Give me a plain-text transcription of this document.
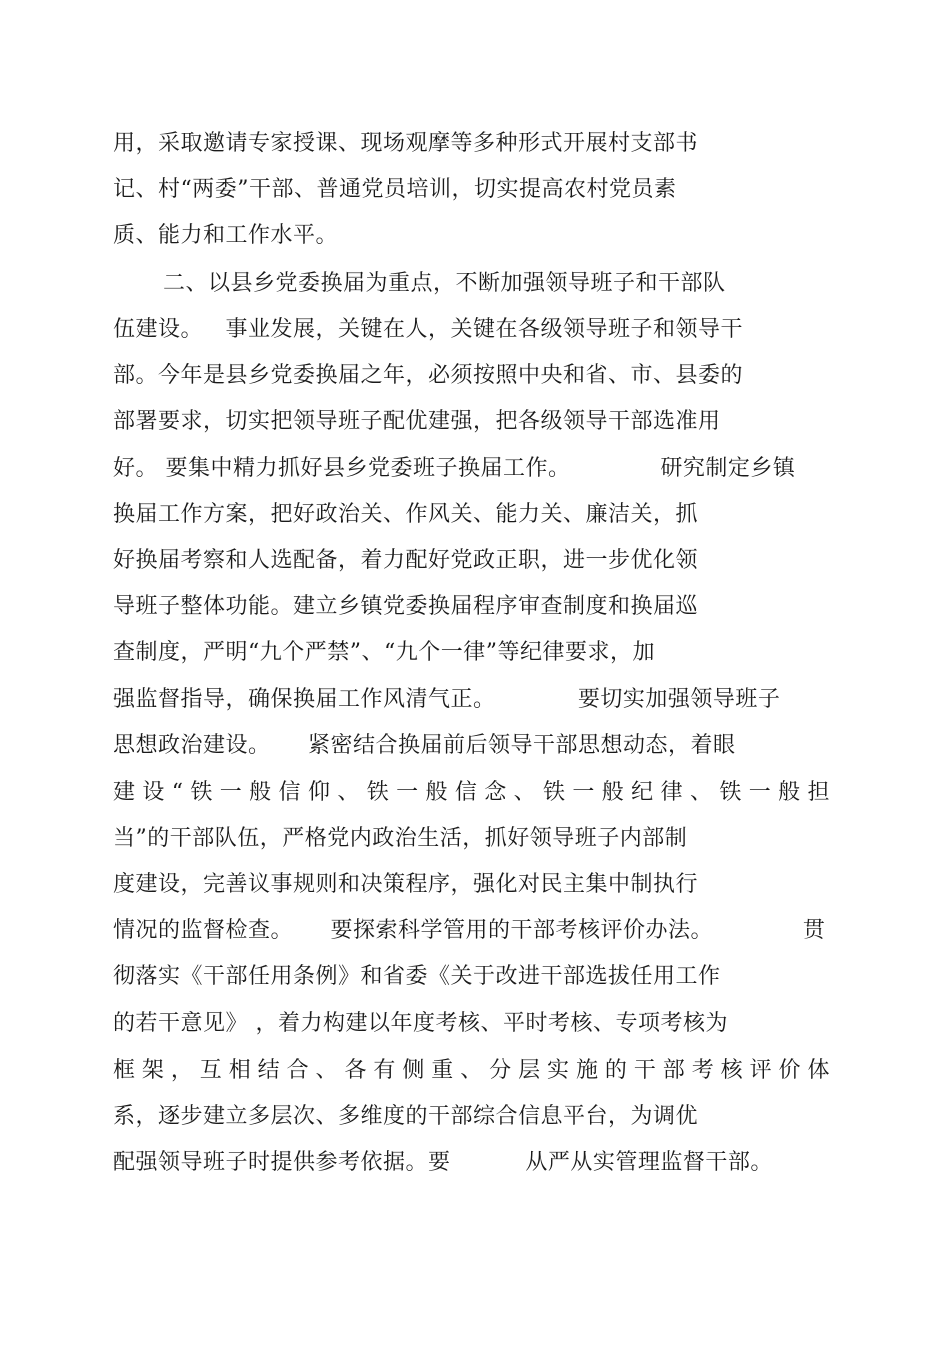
用，采取邀请专家授课、现场观摩等多种形式开展村支部书
记、村“两委”干部、普通党员培训，切实提高农村党员素
质、能力和工作水平。
二、以县乡党委换届为重点，不断加强领导班子和干部队
伍建设。   事业发展，关键在人，关键在各级领导班子和领导干
部。今年是县乡党委换届之年，必须按照中央和省、市、县委的
部署要求，切实把领导班子配优建强，把各级领导干部选准用
好。 要集中精力抓好县乡党委班子换届工作。            研究制定乡镇
换届工作方案，把好政治关、作风关、能力关、廉洁关，抓
好换届考察和人选配备，着力配好党政正职，进一步优化领
导班子整体功能。建立乡镇党委换届程序审查制度和换届巡
查制度，严明“九个严禁”、“九个一律”等纪律要求，加
强监督指导，确保换届工作风清气正。           要切实加强领导班子
思想政治建设。     紧密结合换届前后领导干部思想动态，着眼
建设“铁一般信仰、铁一般信念、铁一般纪律、铁一般担
当”的干部队伍，严格党内政治生活，抓好领导班子内部制
度建设，完善议事规则和决策程序，强化对民主集中制执行
情况的监督检查。     要探索科学管用的干部考核评价办法。            贯
彻落实《干部任用条例》和省委《关于改进干部选拔任用工作
的若干意见》 ，着力构建以年度考核、平时考核、专项考核为
框架，互相结合、各有侧重、分层实施的干部考核评价体
系，逐步建立多层次、多维度的干部综合信息平台，为调优
配强领导班子时提供参考依据。要          从严从实管理监督干部。
